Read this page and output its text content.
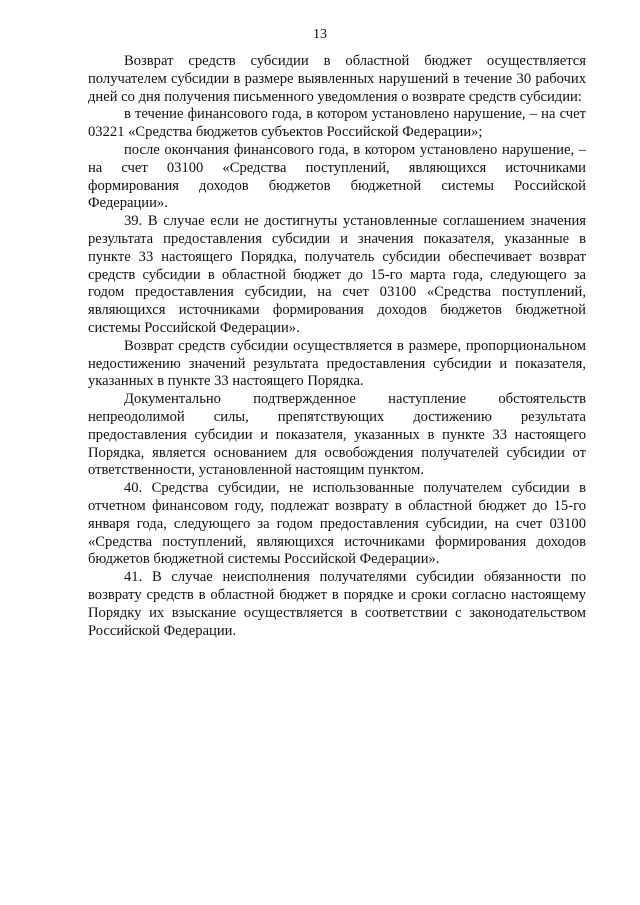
13

Возврат средств субсидии в областной бюджет осуществляется получателем субсидии в размере выявленных нарушений в течение 30 рабочих дней со дня получения письменного уведомления о возврате средств субсидии:

в течение финансового года, в котором установлено нарушение, – на счет 03221 «Средства бюджетов субъектов Российской Федерации»;

после окончания финансового года, в котором установлено нарушение, – на счет 03100 «Средства поступлений, являющихся источниками формирования доходов бюджетов бюджетной системы Российской Федерации».

39. В случае если не достигнуты установленные соглашением значения результата предоставления субсидии и значения показателя, указанные в пункте 33 настоящего Порядка, получатель субсидии обеспечивает возврат средств субсидии в областной бюджет до 15-го марта года, следующего за годом предоставления субсидии, на счет 03100 «Средства поступлений, являющихся источниками формирования доходов бюджетов бюджетной системы Российской Федерации».

Возврат средств субсидии осуществляется в размере, пропорциональном недостижению значений результата предоставления субсидии и показателя, указанных в пункте 33 настоящего Порядка.

Документально подтвержденное наступление обстоятельств непреодолимой силы, препятствующих достижению результата предоставления субсидии и показателя, указанных в пункте 33 настоящего Порядка, является основанием для освобождения получателей субсидии от ответственности, установленной настоящим пунктом.

40. Средства субсидии, не использованные получателем субсидии в отчетном финансовом году, подлежат возврату в областной бюджет до 15-го января года, следующего за годом предоставления субсидии, на счет 03100 «Средства поступлений, являющихся источниками формирования доходов бюджетов бюджетной системы Российской Федерации».

41. В случае неисполнения получателями субсидии обязанности по возврату средств в областной бюджет в порядке и сроки согласно настоящему Порядку их взыскание осуществляется в соответствии с законодательством Российской Федерации.
